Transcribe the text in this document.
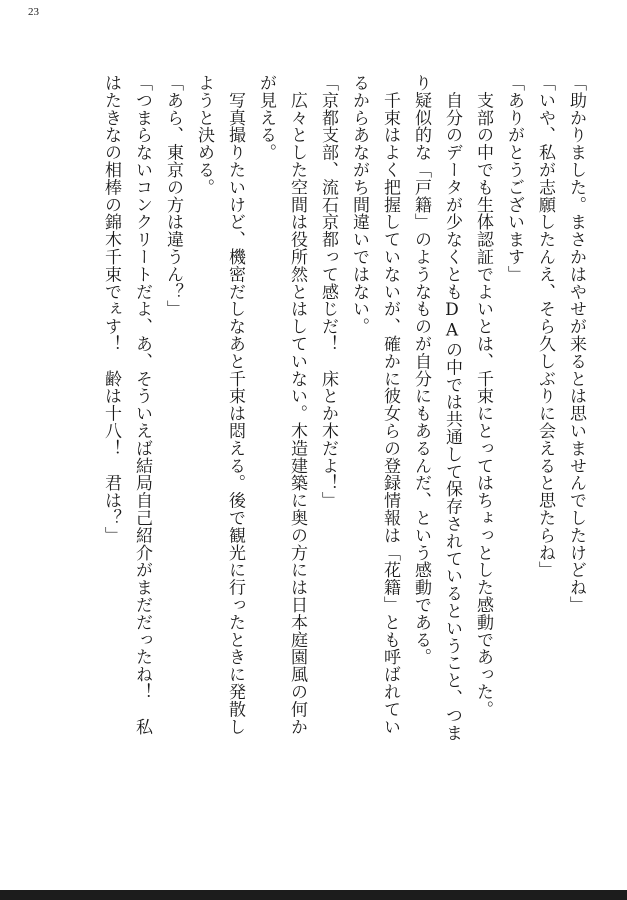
23
「助かりました。まさかはやせが来るとは思いませんでしたけどね」
「いや、私が志願したんえ、そら久しぶりに会えると思たらね」
「ありがとうございます」
　支部の中でも生体認証でよいとは、千束にとってはちょっとした感動であった。
　自分のデータが少なくともDAの中では共通して保存されているということ、つま
り疑似的な「戸籍」のようなものが自分にもあるんだ、という感動である。
　千束はよく把握していないが、確かに彼女らの登録情報は「花籍」とも呼ばれてい
るからあながち間違いではない。
「京都支部、流石京都って感じだ！　床とか木だよ！」
　広々とした空間は役所然とはしていない。木造建築に奥の方には日本庭園風の何か
が見える。
　写真撮りたいけど、機密だしなあと千束は悶える。後で観光に行ったときに発散し
ようと決める。
「あら、東京の方は違うん？」
「つまらないコンクリートだよ、あ、そういえば結局自己紹介がまだだったね！　私
はたきなの相棒の錦木千束でぇす！　齢は十八！　君は？」
